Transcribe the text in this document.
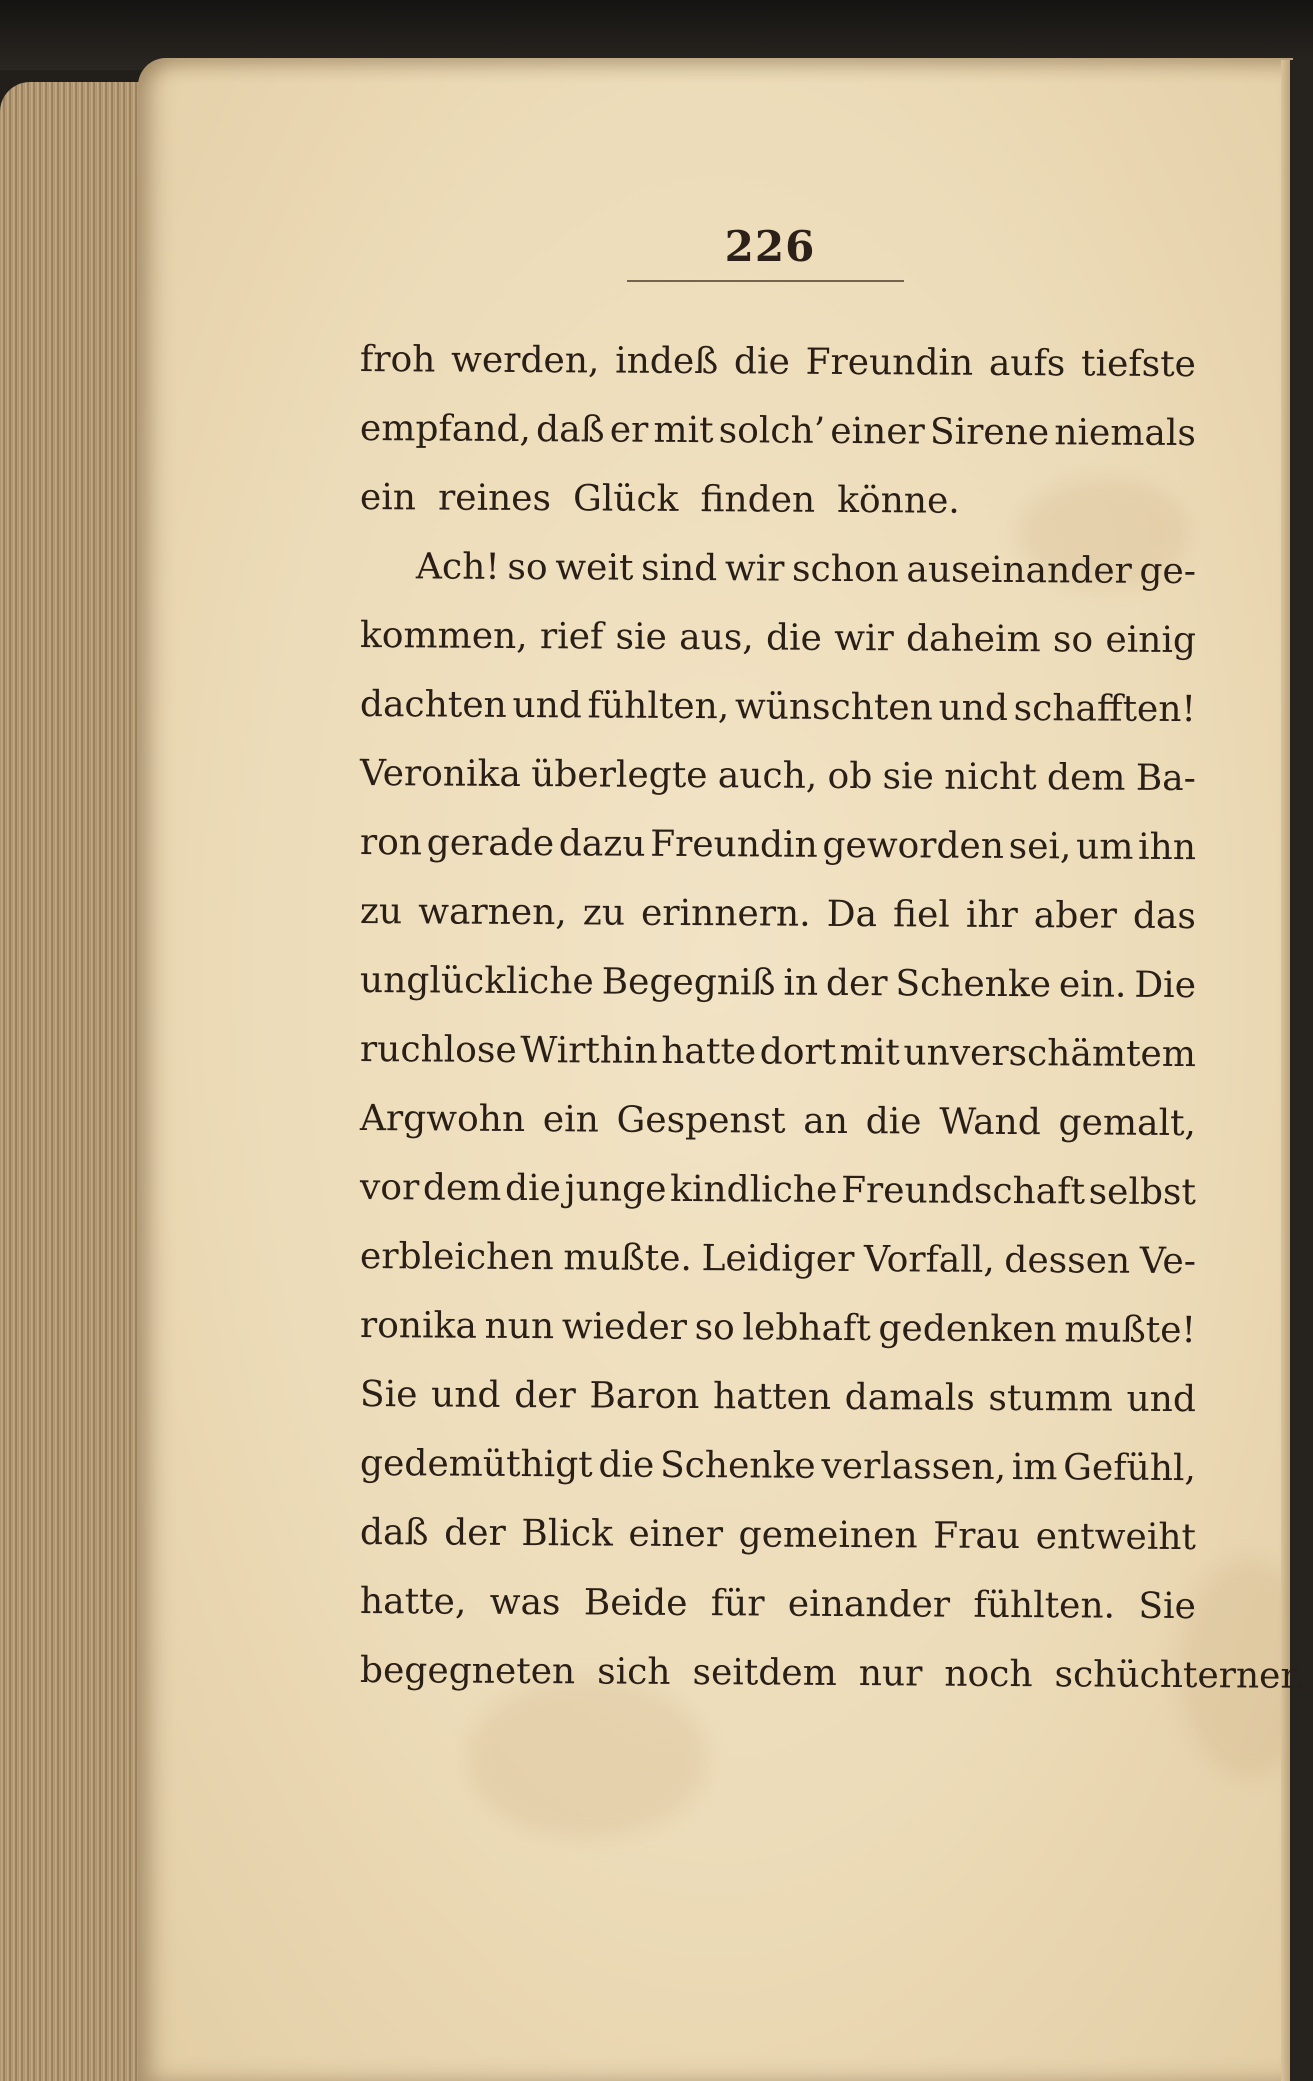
226
froh werden, indeß die Freundin aufs tiefste
empfand, daß er mit solch’ einer Sirene niemals
ein reines Glück finden könne.
Ach! so weit sind wir schon auseinander ge-
kommen, rief sie aus, die wir daheim so einig
dachten und fühlten, wünschten und schafften!
Veronika überlegte auch, ob sie nicht dem Ba-
ron gerade dazu Freundin geworden sei, um ihn
zu warnen, zu erinnern. Da fiel ihr aber das
unglückliche Begegniß in der Schenke ein. Die
ruchlose Wirthin hatte dort mit unverschämtem
Argwohn ein Gespenst an die Wand gemalt,
vor dem die junge kindliche Freundschaft selbst
erbleichen mußte. Leidiger Vorfall, dessen Ve-
ronika nun wieder so lebhaft gedenken mußte!
Sie und der Baron hatten damals stumm und
gedemüthigt die Schenke verlassen, im Gefühl,
daß der Blick einer gemeinen Frau entweiht
hatte, was Beide für einander fühlten. Sie
begegneten sich seitdem nur noch schüchterner.
